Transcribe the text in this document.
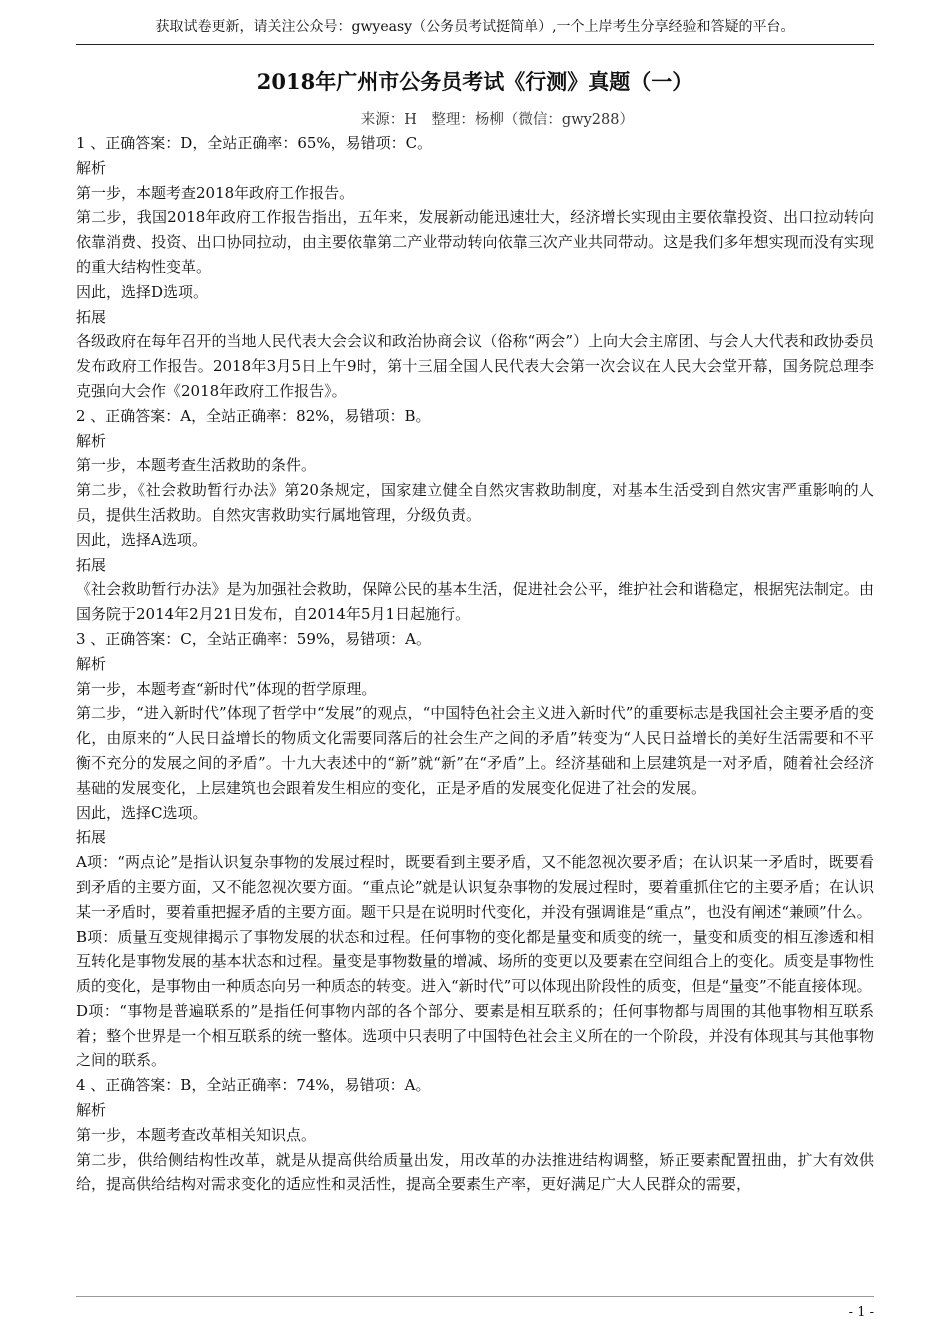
获取试卷更新，请关注公众号：gwyeasy（公务员考试挺简单）,一个上岸考生分享经验和答疑的平台。
2018年广州市公务员考试《行测》真题（一）
来源：H　整理：杨柳（微信：gwy288）

1 、正确答案：D，全站正确率：65%，易错项：C。

解析

第一步，本题考查2018年政府工作报告。

第二步，我国2018年政府工作报告指出，五年来，发展新动能迅速壮大，经济增长实现由主要依靠投资、出口拉动转向依靠消费、投资、出口协同拉动，由主要依靠第二产业带动转向依靠三次产业共同带动。这是我们多年想实现而没有实现的重大结构性变革。

因此，选择D选项。

拓展

各级政府在每年召开的当地人民代表大会会议和政治协商会议（俗称“两会”）上向大会主席团、与会人大代表和政协委员发布政府工作报告。2018年3月5日上午9时，第十三届全国人民代表大会第一次会议在人民大会堂开幕，国务院总理李克强向大会作《2018年政府工作报告》。

2 、正确答案：A，全站正确率：82%，易错项：B。

解析

第一步，本题考查生活救助的条件。

第二步，《社会救助暂行办法》第20条规定，国家建立健全自然灾害救助制度，对基本生活受到自然灾害严重影响的人员，提供生活救助。自然灾害救助实行属地管理，分级负责。

因此，选择A选项。

拓展

《社会救助暂行办法》是为加强社会救助，保障公民的基本生活，促进社会公平，维护社会和谐稳定，根据宪法制定。由国务院于2014年2月21日发布，自2014年5月1日起施行。

3 、正确答案：C，全站正确率：59%，易错项：A。

解析

第一步，本题考查“新时代”体现的哲学原理。

第二步，“进入新时代”体现了哲学中“发展”的观点，“中国特色社会主义进入新时代”的重要标志是我国社会主要矛盾的变化，由原来的“人民日益增长的物质文化需要同落后的社会生产之间的矛盾”转变为“人民日益增长的美好生活需要和不平衡不充分的发展之间的矛盾”。十九大表述中的“新”就“新”在“矛盾”上。经济基础和上层建筑是一对矛盾，随着社会经济基础的发展变化，上层建筑也会跟着发生相应的变化，正是矛盾的发展变化促进了社会的发展。

因此，选择C选项。

拓展

A项：“两点论”是指认识复杂事物的发展过程时，既要看到主要矛盾，又不能忽视次要矛盾；在认识某一矛盾时，既要看到矛盾的主要方面，又不能忽视次要方面。“重点论”就是认识复杂事物的发展过程时，要着重抓住它的主要矛盾；在认识某一矛盾时，要着重把握矛盾的主要方面。题干只是在说明时代变化，并没有强调谁是“重点”，也没有阐述“兼顾”什么。

B项：质量互变规律揭示了事物发展的状态和过程。任何事物的变化都是量变和质变的统一，量变和质变的相互渗透和相互转化是事物发展的基本状态和过程。量变是事物数量的增减、场所的变更以及要素在空间组合上的变化。质变是事物性质的变化，是事物由一种质态向另一种质态的转变。进入“新时代”可以体现出阶段性的质变，但是“量变”不能直接体现。

D项：“事物是普遍联系的”是指任何事物内部的各个部分、要素是相互联系的；任何事物都与周围的其他事物相互联系着；整个世界是一个相互联系的统一整体。选项中只表明了中国特色社会主义所在的一个阶段，并没有体现其与其他事物之间的联系。

4 、正确答案：B，全站正确率：74%，易错项：A。

解析

第一步，本题考查改革相关知识点。

第二步，供给侧结构性改革，就是从提高供给质量出发，用改革的办法推进结构调整，矫正要素配置扭曲，扩大有效供给，提高供给结构对需求变化的适应性和灵活性，提高全要素生产率，更好满足广大人民群众的需要，

- 1 -
